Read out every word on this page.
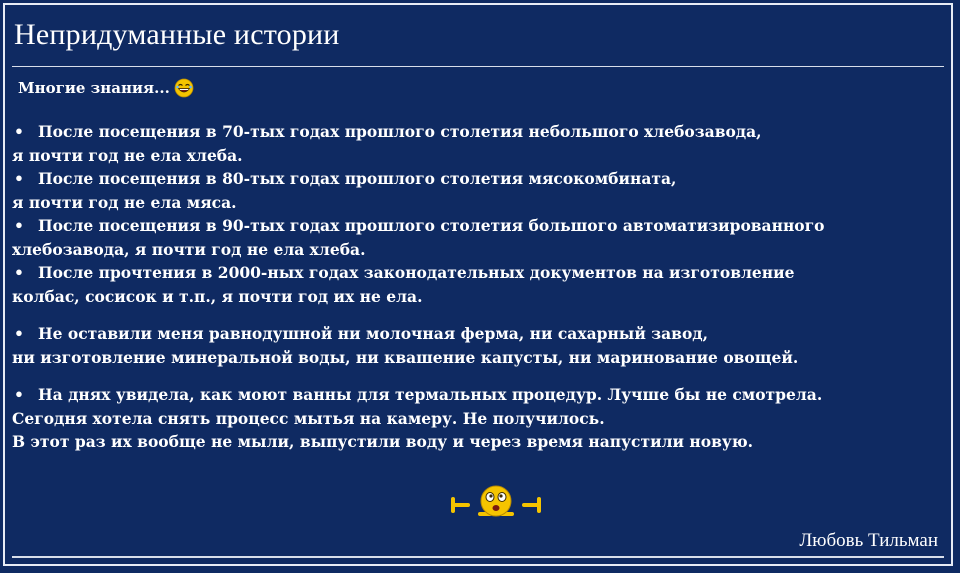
Непридуманные истории
Многие знания...
• После посещения в 70-тых годах прошлого столетия небольшого хлебозавода,
я почти год не ела хлеба.
• После посещения в 80-тых годах прошлого столетия мясокомбината,
я почти год не ела мяса.
• После посещения в 90-тых годах прошлого столетия большого автоматизированного
хлебозавода, я почти год не ела хлеба.
• После прочтения в 2000-ных годах законодательных документов на изготовление
колбас, сосисок и т.п., я почти год их не ела.
• Не оставили меня равнодушной ни молочная ферма, ни сахарный завод,
ни изготовление минеральной воды, ни квашение капусты, ни маринование овощей.
• На днях увидела, как моют ванны для термальных процедур. Лучше бы не смотрела.
Сегодня хотела снять процесс мытья на камеру. Не получилось.
В этот раз их вообще не мыли, выпустили воду и через время напустили новую.
Любовь Тильман
